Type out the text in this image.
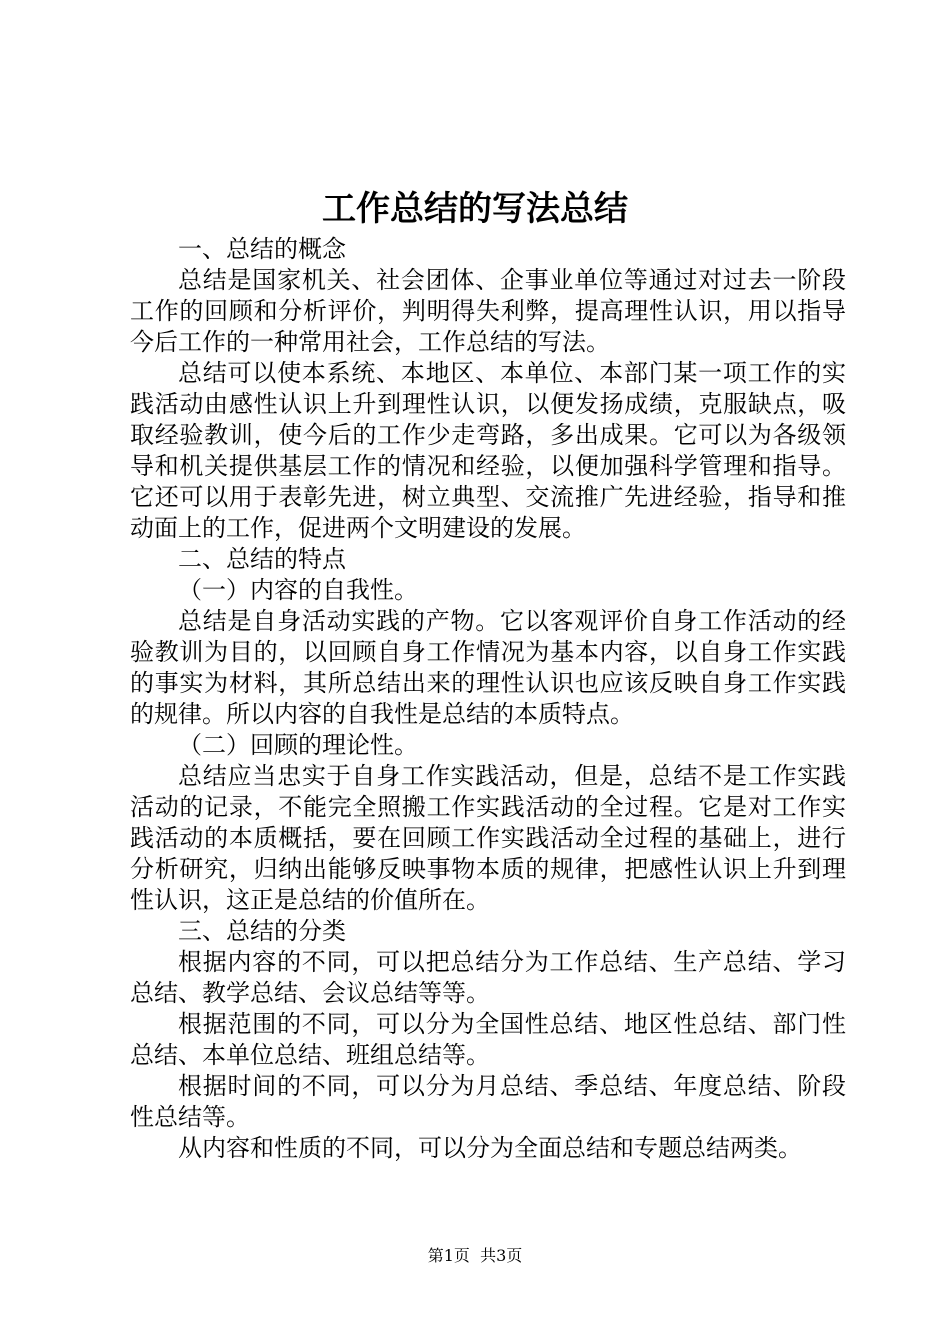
工作总结的写法总结

一、总结的概念

总结是国家机关、社会团体、企事业单位等通过对过去一阶段工作的回顾和分析评价，判明得失利弊，提高理性认识，用以指导今后工作的一种常用社会，工作总结的写法。

总结可以使本系统、本地区、本单位、本部门某一项工作的实践活动由感性认识上升到理性认识，以便发扬成绩，克服缺点，吸取经验教训，使今后的工作少走弯路，多出成果。它可以为各级领导和机关提供基层工作的情况和经验，以便加强科学管理和指导。它还可以用于表彰先进，树立典型、交流推广先进经验，指导和推动面上的工作，促进两个文明建设的发展。

二、总结的特点

（一）内容的自我性。

总结是自身活动实践的产物。它以客观评价自身工作活动的经验教训为目的，以回顾自身工作情况为基本内容，以自身工作实践的事实为材料，其所总结出来的理性认识也应该反映自身工作实践的规律。所以内容的自我性是总结的本质特点。

（二）回顾的理论性。

总结应当忠实于自身工作实践活动，但是，总结不是工作实践活动的记录，不能完全照搬工作实践活动的全过程。它是对工作实践活动的本质概括，要在回顾工作实践活动全过程的基础上，进行分析研究，归纳出能够反映事物本质的规律，把感性认识上升到理性认识，这正是总结的价值所在。

三、总结的分类

根据内容的不同，可以把总结分为工作总结、生产总结、学习总结、教学总结、会议总结等等。

根据范围的不同，可以分为全国性总结、地区性总结、部门性总结、本单位总结、班组总结等。

根据时间的不同，可以分为月总结、季总结、年度总结、阶段性总结等。

从内容和性质的不同，可以分为全面总结和专题总结两类。

第1页  共3页
